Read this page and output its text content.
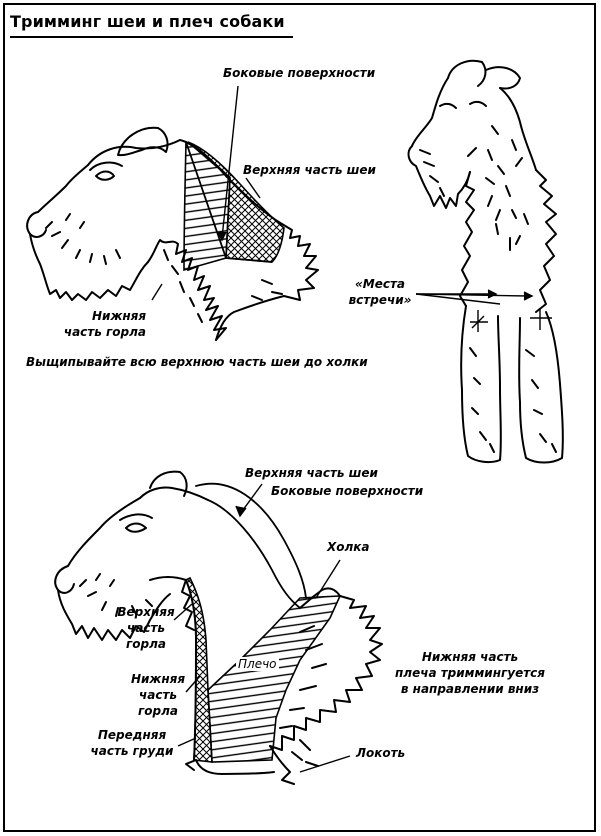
Тримминг шеи и плеч собаки
Боковые поверхности
Верхняя часть шеи
Нижняя
часть горла
Выщипывайте всю верхнюю часть шеи до холки
«Места
встречи»
Верхняя часть шеи
Боковые поверхности
Холка
Верхняя
часть
горла
Нижняя
часть
горла
Передняя
часть груди
Плечо	Нижняя часть
плеча триммингуется
в направлении вниз
Локоть
